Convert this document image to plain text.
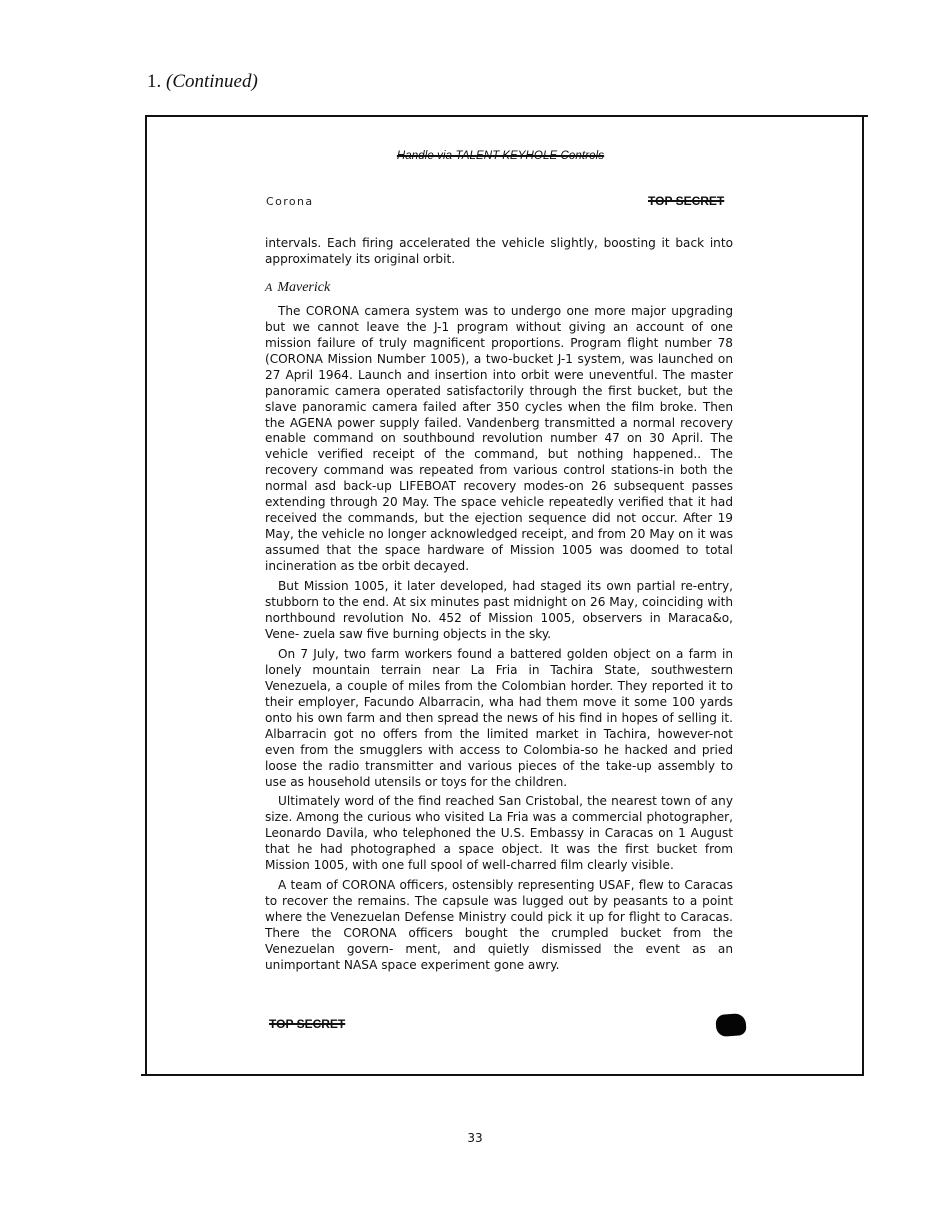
1. (Continued)
Handle via TALENT-KEYHOLE Controls
Corona	TOP SECRET

intervals. Each firing accelerated the vehicle slightly, boosting it back into approximately its original orbit.

A Maverick

The CORONA camera system was to undergo one more major upgrading but we cannot leave the J-1 program without giving an account of one mission failure of truly magnificent proportions. Program flight number 78 (CORONA Mission Number 1005), a two-bucket J-1 system, was launched on 27 April 1964. Launch and insertion into orbit were uneventful. The master panoramic camera operated satisfactorily through the first bucket, but the slave panoramic camera failed after 350 cycles when the film broke. Then the AGENA power supply failed. Vandenberg transmitted a normal recovery enable command on southbound revolution number 47 on 30 April. The vehicle verified receipt of the command, but nothing happened.. The recovery command was repeated from various control stations-in both the normal asd back-up LIFEBOAT recovery modes-on 26 subsequent passes extending through 20 May. The space vehicle repeatedly verified that it had received the commands, but the ejection sequence did not occur. After 19 May, the vehicle no longer acknowledged receipt, and from 20 May on it was assumed that the space hardware of Mission 1005 was doomed to total incineration as tbe orbit decayed.

But Mission 1005, it later developed, had staged its own partial re-entry, stubborn to the end. At six minutes past midnight on 26 May, coinciding with northbound revolution No. 452 of Mission 1005, observers in Maraca&o, Vene- zuela saw five burning objects in the sky.

On 7 July, two farm workers found a battered golden object on a farm in lonely mountain terrain near La Fria in Tachira State, southwestern Venezuela, a couple of miles from the Colombian horder. They reported it to their employer, Facundo Albarracin, wha had them move it some 100 yards onto his own farm and then spread the news of his find in hopes of selling it. Albarracin got no offers from the limited market in Tachira, however-not even from the smugglers with access to Colombia-so he hacked and pried loose the radio transmitter and various pieces of the take-up assembly to use as household utensils or toys for the children.

Ultimately word of the find reached San Cristobal, the nearest town of any size. Among the curious who visited La Fria was a commercial photographer, Leonardo Davila, who telephoned the U.S. Embassy in Caracas on 1 August that he had photographed a space object. It was the first bucket from Mission 1005, with one full spool of well-charred film clearly visible.

A team of CORONA officers, ostensibly representing USAF, flew to Caracas to recover the remains. The capsule was lugged out by peasants to a point where the Venezuelan Defense Ministry could pick it up for flight to Caracas. There the CORONA officers bought the crumpled bucket from the Venezuelan govern- ment, and quietly dismissed the event as an unimportant NASA space experiment gone awry.

TOP SECRET
33
